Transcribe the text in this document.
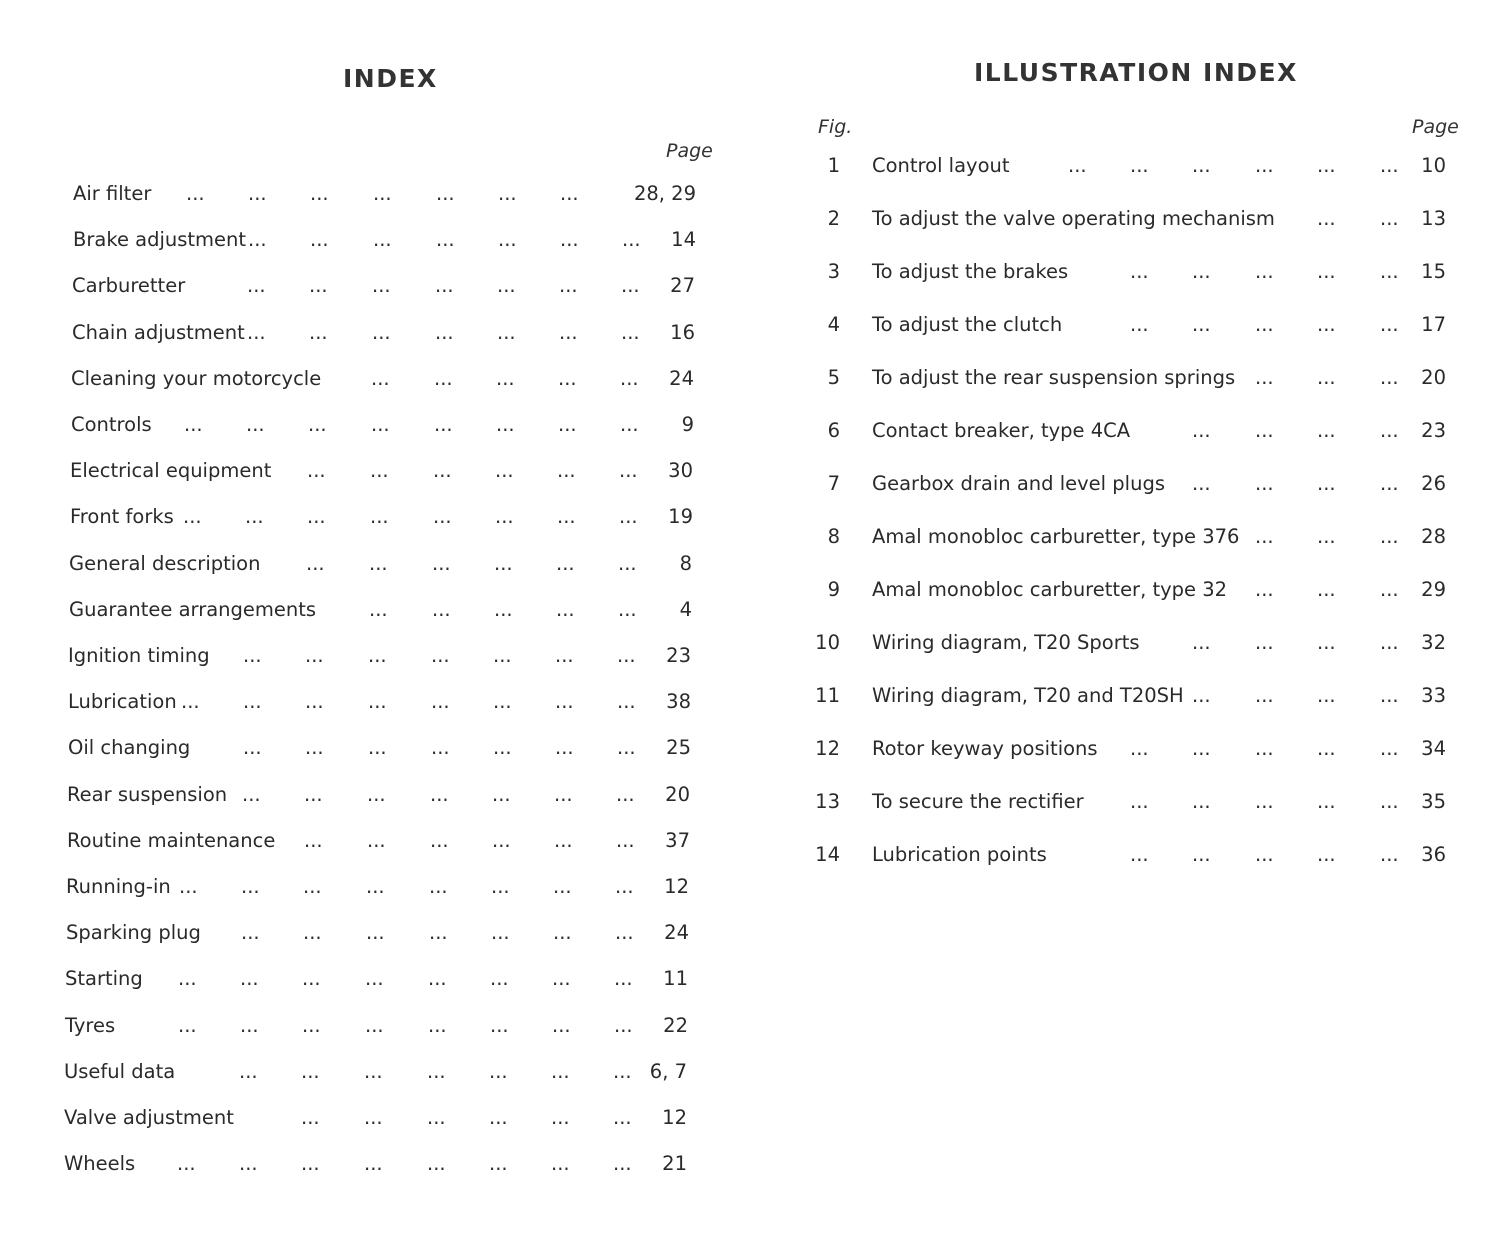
INDEX
Page
Air filter ... ... ... ... ... ... ...	28, 29
Brake adjustment ... ... ... ... ... ... ...	14
Carburetter	... ... ... ... ... ... ...	27
Chain adjustment ... ... ... ... ... ... ...	16
Cleaning your motorcycle	... ... ... ... ...	24
Controls ... ... ... ... ... ... ... ...	9
Electrical equipment ... ... ... ... ... ...	30
Front forks ... ... ... ... ... ... ... ...	19
General description ... ... ... ... ... ...	8
Guarantee arrangements	... ... ... ... ...	4
Ignition timing ... ... ... ... ... ... ...	23
Lubrication ... ... ... ... ... ... ... ...	38
Oil changing	... ... ... ... ... ... ...	25
Rear suspension ... ... ... ... ... ... ...	20
Routine maintenance ... ... ... ... ... ...	37
Running-in ... ... ... ... ... ... ... ...	12
Sparking plug ... ... ... ... ... ... ...	24
Starting ... ... ... ... ... ... ... ...	11
Tyres	... ... ... ... ... ... ... ...	22
Useful data	... ... ... ... ... ... ... 6, 7
Valve adjustment	... ... ... ... ... ...	12
Wheels ... ... ... ... ... ... ... ...	21
ILLUSTRATION INDEX
Fig.	Page
1 Control layout	... ... ... ... ... ...	10
2 To adjust the valve operating mechanism ... ...	13
3 To adjust the brakes	... ... ... ... ...	15
4 To adjust the clutch	... ... ... ... ...	17
5 To adjust the rear suspension springs ... ... ...	20
6 Contact breaker, type 4CA	... ... ... ...	23
7 Gearbox drain and level plugs ... ... ... ...	26
8 Amal monobloc carburetter, type 376 ... ... ...	28
9 Amal monobloc carburetter, type 32 ... ... ...	29
10 Wiring diagram, T20 Sports	... ... ... ...	32
11 Wiring diagram, T20 and T20SH ... ... ... ...	33
12 Rotor keyway positions ... ... ... ... ...	34
13 To secure the rectifier ... ... ... ... ...	35
14 Lubrication points	... ... ... ... ...	36
